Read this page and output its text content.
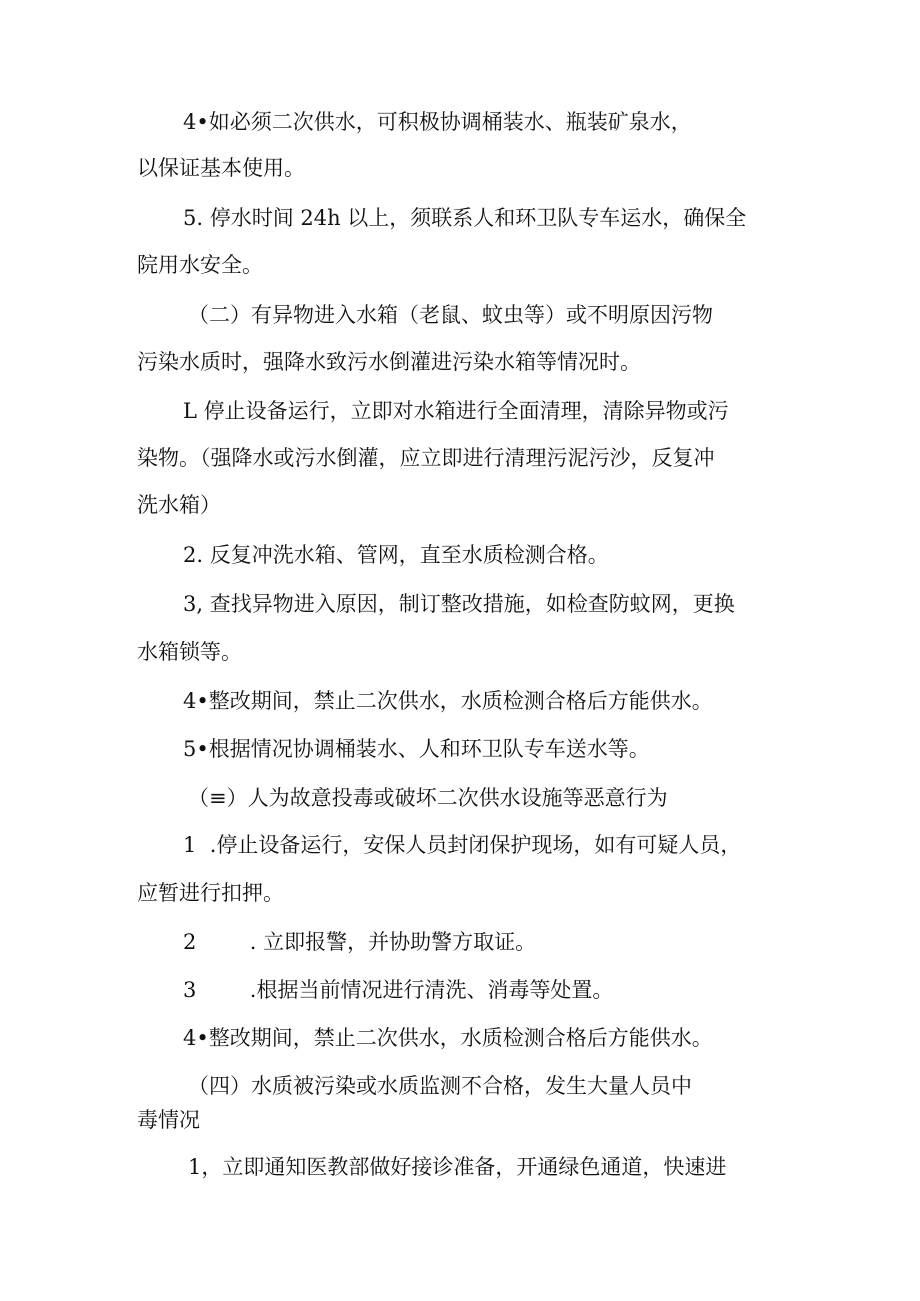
4•如必须二次供水，可积极协调桶装水、瓶装矿泉水，

以保证基本使用。

5. 停水时间 24h 以上，须联系人和环卫队专车运水，确保全

院用水安全。

（二）有异物进入水箱（老鼠、蚊虫等）或不明原因污物

污染水质时，强降水致污水倒灌进污染水箱等情况时。

L 停止设备运行，立即对水箱进行全面清理，清除异物或污

染物。（强降水或污水倒灌，应立即进行清理污泥污沙，反复冲

洗水箱）

2. 反复冲洗水箱、管网，直至水质检测合格。

3, 查找异物进入原因，制订整改措施，如检查防蚊网，更换

水箱锁等。

4•整改期间，禁止二次供水，水质检测合格后方能供水。

5•根据情况协调桶装水、人和环卫队专车送水等。

（≡）人为故意投毒或破坏二次供水设施等恶意行为

1  .停止设备运行，安保人员封闭保护现场，如有可疑人员，

应暂进行扣押。

2        . 立即报警，并协助警方取证。

3        .根据当前情况进行清洗、消毒等处置。

4•整改期间，禁止二次供水，水质检测合格后方能供水。

（四）水质被污染或水质监测不合格，发生大量人员中

毒情况

1，立即通知医教部做好接诊准备，开通绿色通道，快速进
